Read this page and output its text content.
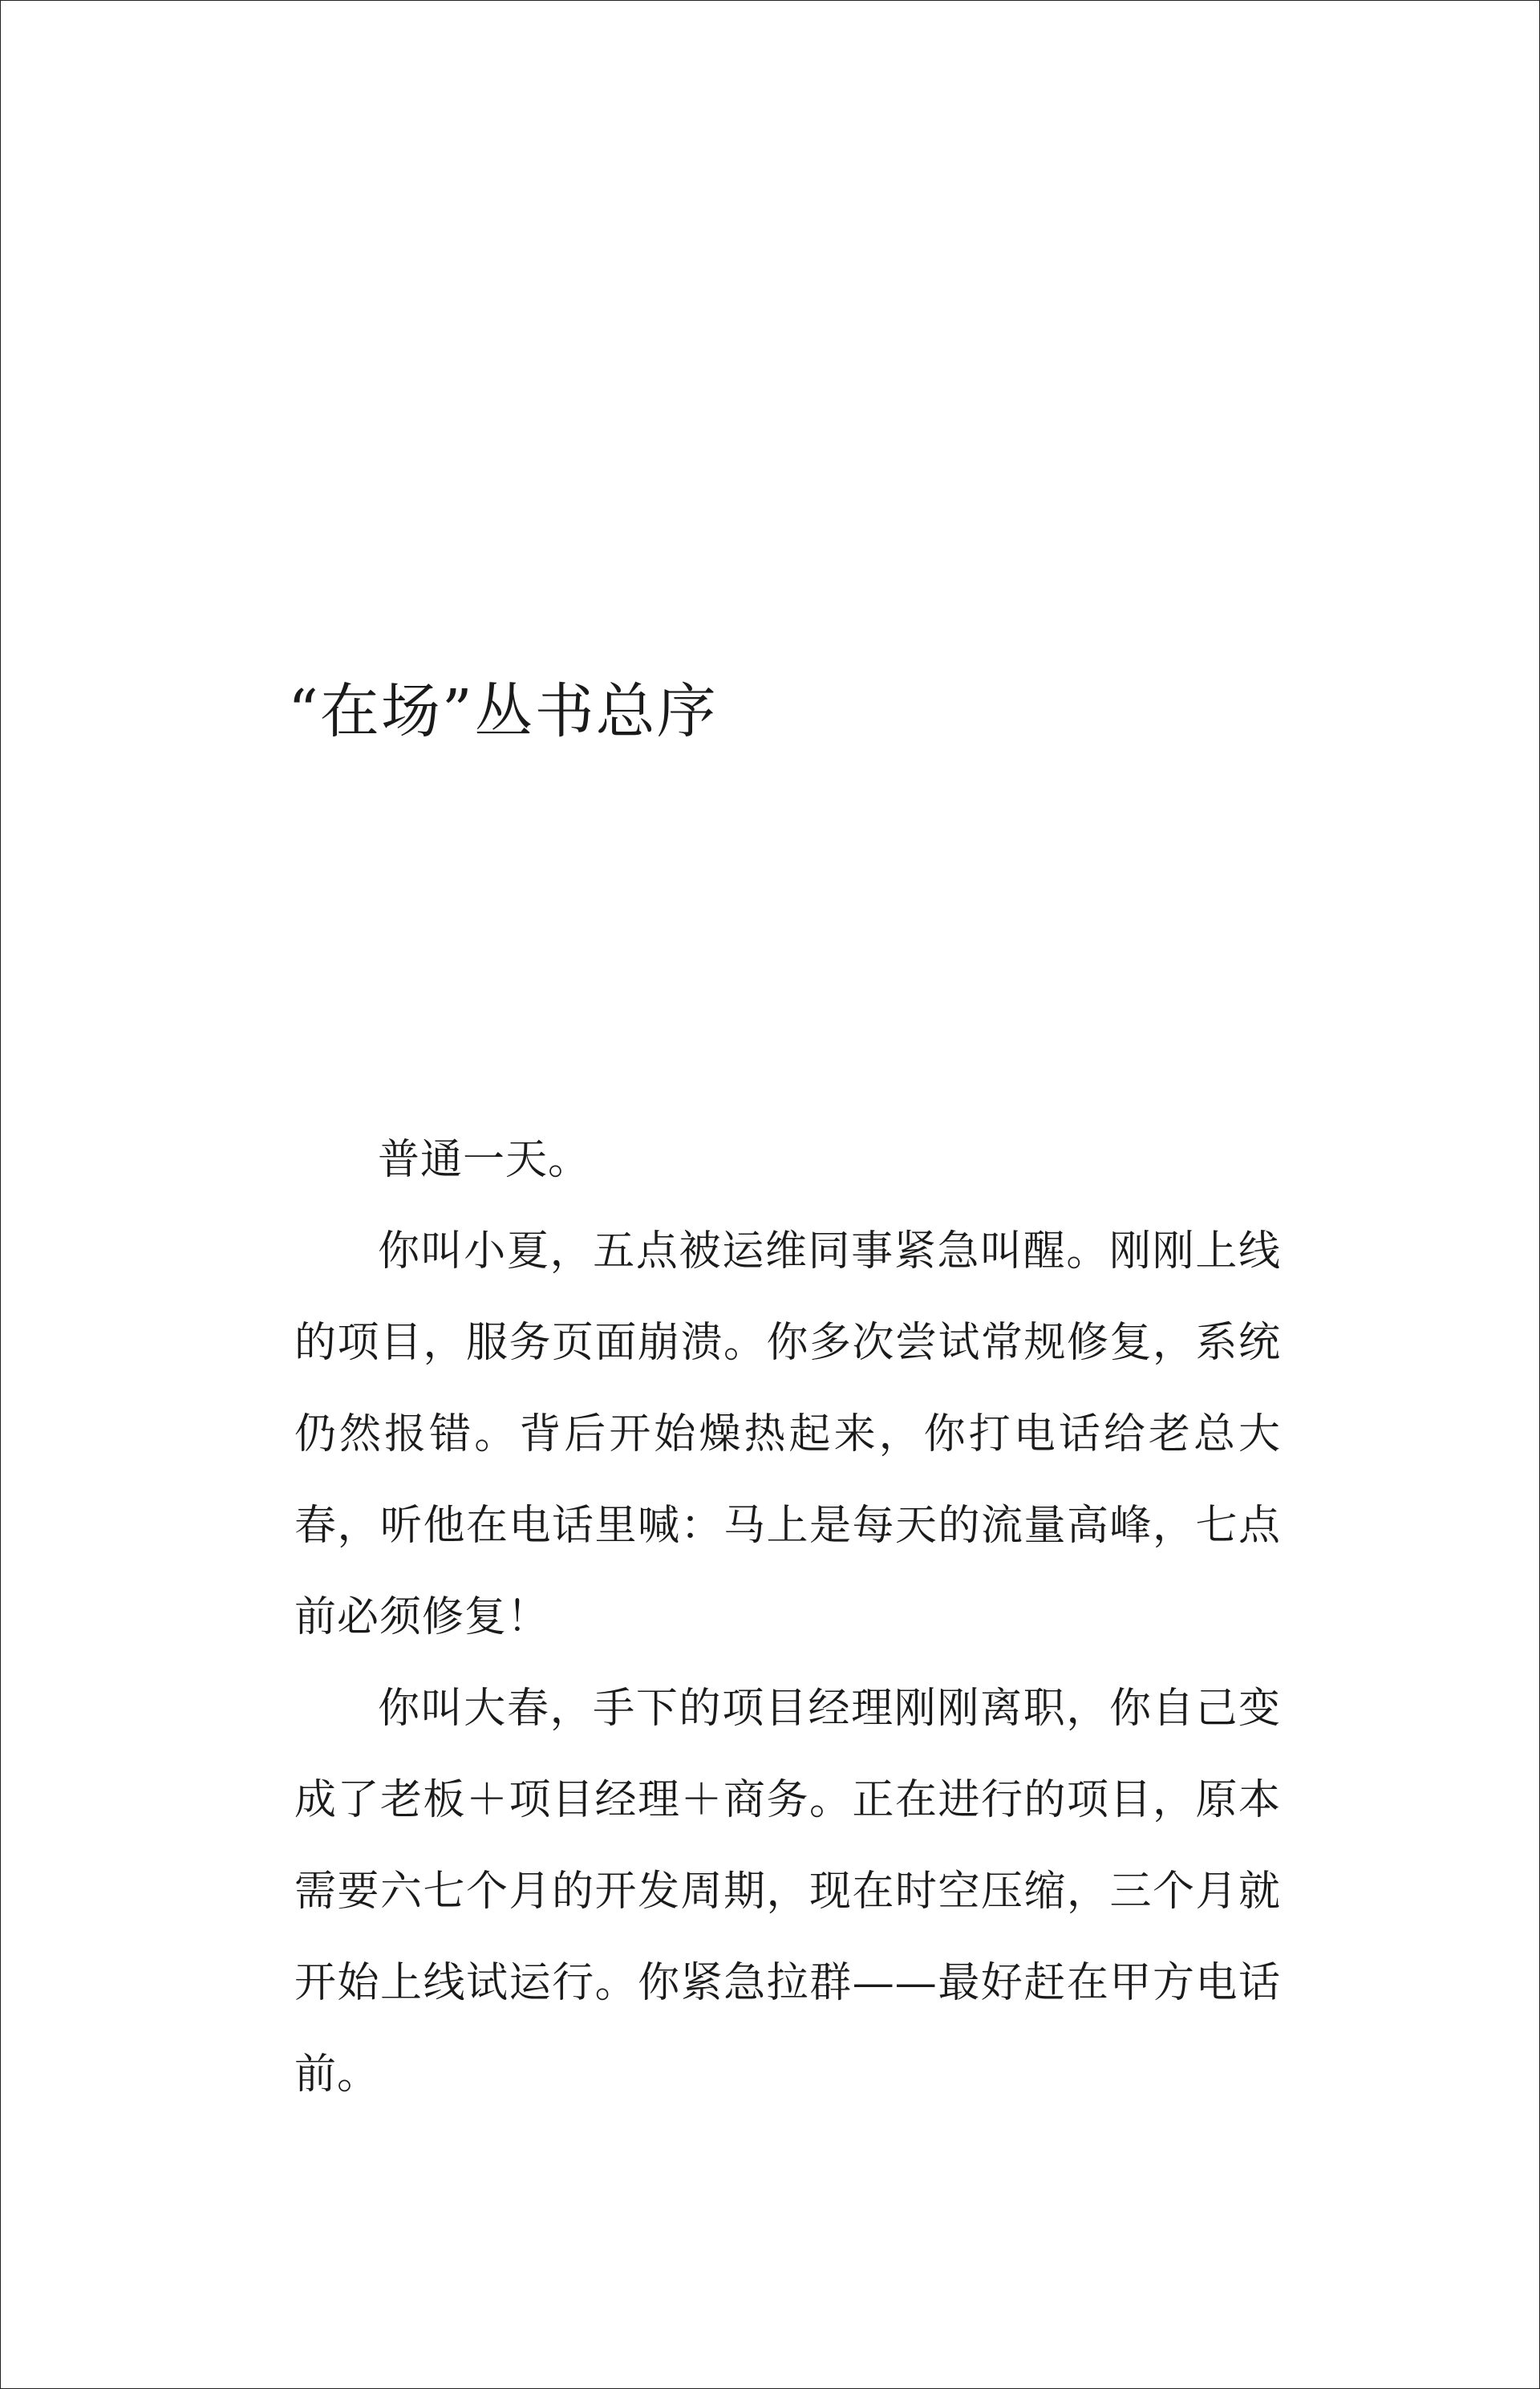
“在场”丛书总序

普通一天。

你叫小夏，五点被运维同事紧急叫醒。刚刚上线的项目，服务页面崩溃。你多次尝试常规修复，系统仍然报错。背后开始燥热起来，你打电话给老总大春，听他在电话里喊：马上是每天的流量高峰，七点前必须修复！

你叫大春，手下的项目经理刚刚离职，你自己变成了老板＋项目经理＋商务。正在进行的项目，原本需要六七个月的开发周期，现在时空压缩，三个月就开始上线试运行。你紧急拉群——最好赶在甲方电话前。
